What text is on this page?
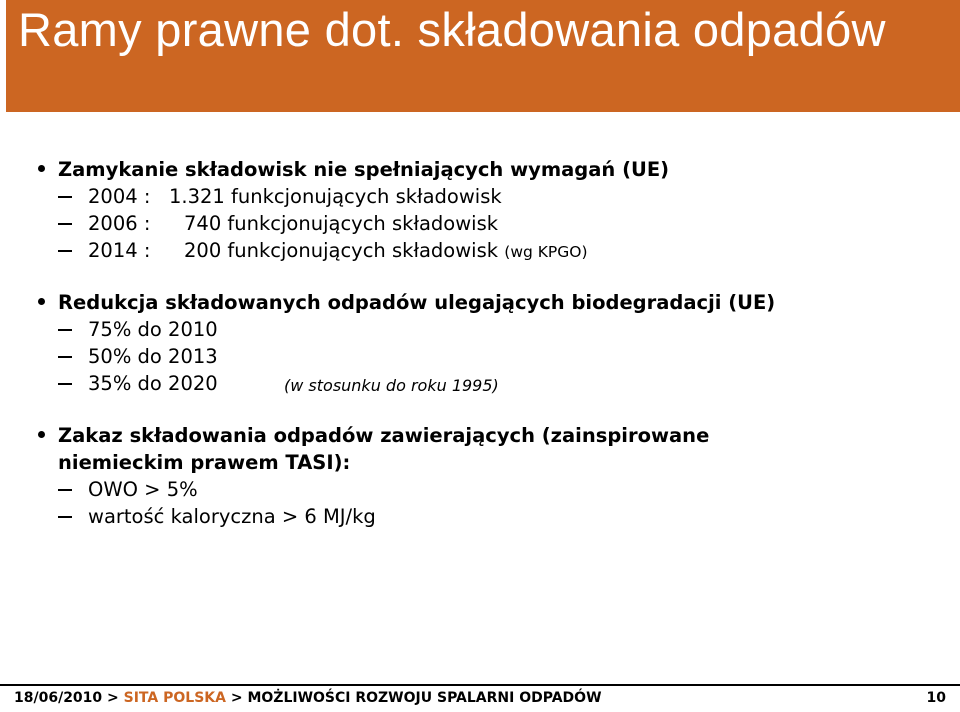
Ramy prawne dot. składowania odpadów
Zamykanie składowisk nie spełniających wymagań (UE)
2004 : 1.321 funkcjonujących składowisk
2006 : 740 funkcjonujących składowisk
2014 : 200 funkcjonujących składowisk (wg KPGO)
Redukcja składowanych odpadów ulegających biodegradacji (UE)
75% do 2010
50% do 2013
35% do 2020	(w stosunku do roku 1995)
Zakaz składowania odpadów zawierających (zainspirowane
niemieckim prawem TASI):
OWO > 5%
wartość kaloryczna > 6 MJ/kg
18/06/2010 > SITA POLSKA > MOŻLIWOŚCI ROZWOJU SPALARNI ODPADÓW	10
